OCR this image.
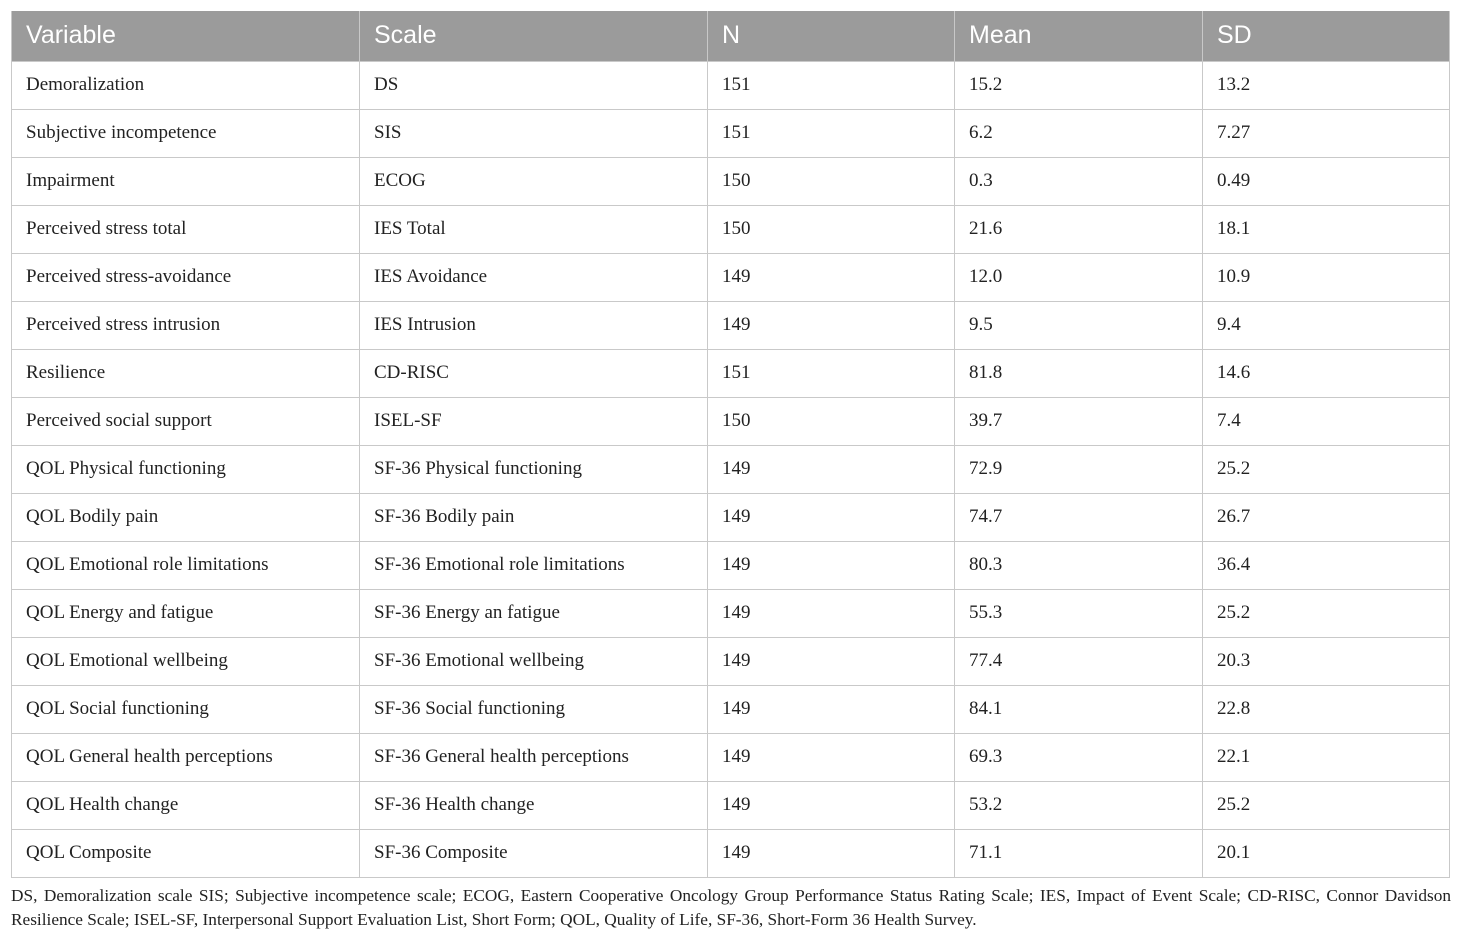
Variable	Scale	N	Mean	SD
Demoralization	DS	151	15.2	13.2
Subjective incompetence	SIS	151	6.2	7.27
Impairment	ECOG	150	0.3	0.49
Perceived stress total	IES Total	150	21.6	18.1
Perceived stress-avoidance	IES Avoidance	149	12.0	10.9
Perceived stress intrusion	IES Intrusion	149	9.5	9.4
Resilience	CD-RISC	151	81.8	14.6
Perceived social support	ISEL-SF	150	39.7	7.4
QOL Physical functioning	SF-36 Physical functioning	149	72.9	25.2
QOL Bodily pain	SF-36 Bodily pain	149	74.7	26.7
QOL Emotional role limitations	SF-36 Emotional role limitations	149	80.3	36.4
QOL Energy and fatigue	SF-36 Energy an fatigue	149	55.3	25.2
QOL Emotional wellbeing	SF-36 Emotional wellbeing	149	77.4	20.3
QOL Social functioning	SF-36 Social functioning	149	84.1	22.8
QOL General health perceptions	SF-36 General health perceptions	149	69.3	22.1
QOL Health change	SF-36 Health change	149	53.2	25.2
QOL Composite	SF-36 Composite	149	71.1	20.1
DS, Demoralization scale SIS; Subjective incompetence scale; ECOG, Eastern Cooperative Oncology Group Performance Status Rating Scale; IES, Impact of Event Scale; CD-RISC, Connor Davidson Resilience Scale; ISEL-SF, Interpersonal Support Evaluation List, Short Form; QOL, Quality of Life, SF-36, Short-Form 36 Health Survey.
